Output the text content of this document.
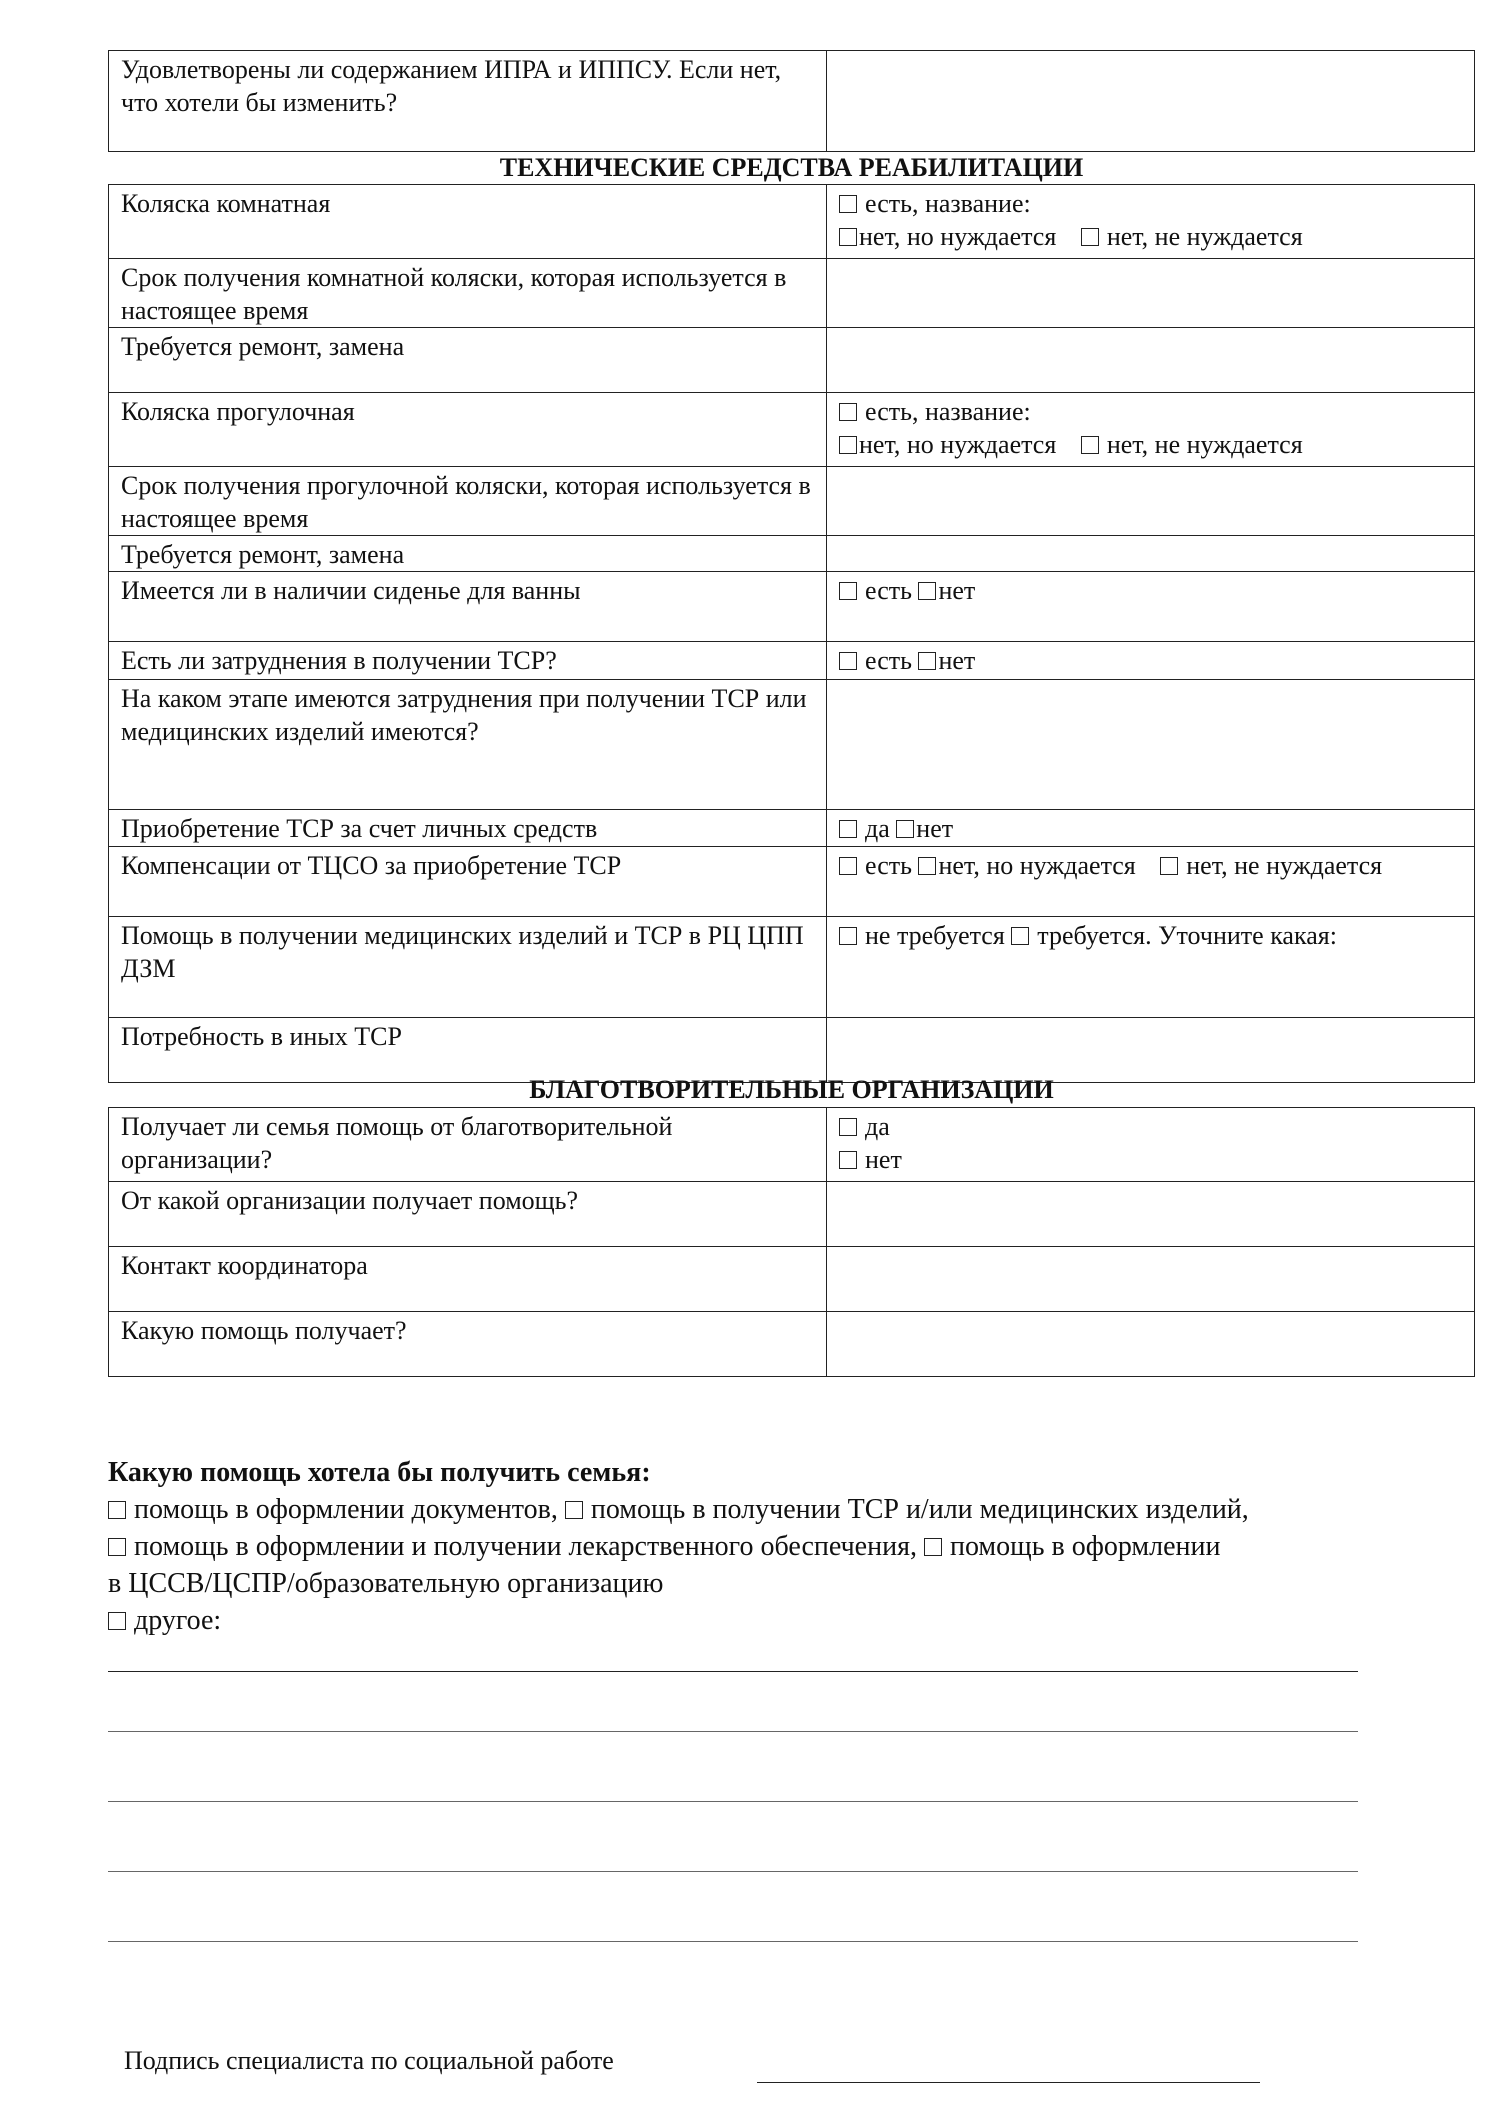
Удовлетворены ли содержанием ИПРА и ИППСУ. Если нет, что хотели бы изменить?	
ТЕХНИЧЕСКИЕ СРЕДСТВА РЕАБИЛИТАЦИИ
Коляска комнатная	есть, название:
нет, но нуждается нет, не нуждается

Срок получения комнатной коляски, которая используется в настоящее время	
Требуется ремонт, замена	
Коляска прогулочная	есть, название:
нет, но нуждается нет, не нуждается

Срок получения прогулочной коляски, которая используется в настоящее время	
Требуется ремонт, замена	
Имеется ли в наличии сиденье для ванны	есть нет
Есть ли затруднения в получении ТСР?	есть нет
На каком этапе имеются затруднения при получении ТСР или медицинских изделий имеются?	
Приобретение ТСР за счет личных средств	да нет
Компенсации от ТЦСО за приобретение ТСР	есть нет, но нуждается нет, не нуждается
Помощь в получении медицинских изделий и ТСР в РЦ ЦПП ДЗМ	не требуется требуется. Уточните какая:
Потребность в иных ТСР	
БЛАГОТВОРИТЕЛЬНЫЕ ОРГАНИЗАЦИИ
Получает ли семья помощь от благотворительной организации?	да
нет

От какой организации получает помощь?	
Контакт координатора	
Какую помощь получает?	
Какую помощь хотела бы получить семья:
помощь в оформлении документов, помощь в получении ТСР и/или медицинских изделий,
помощь в оформлении и получении лекарственного обеспечения, помощь в оформлении
в ЦССВ/ЦСПР/образовательную организацию
другое:
Подпись специалиста по социальной работе
